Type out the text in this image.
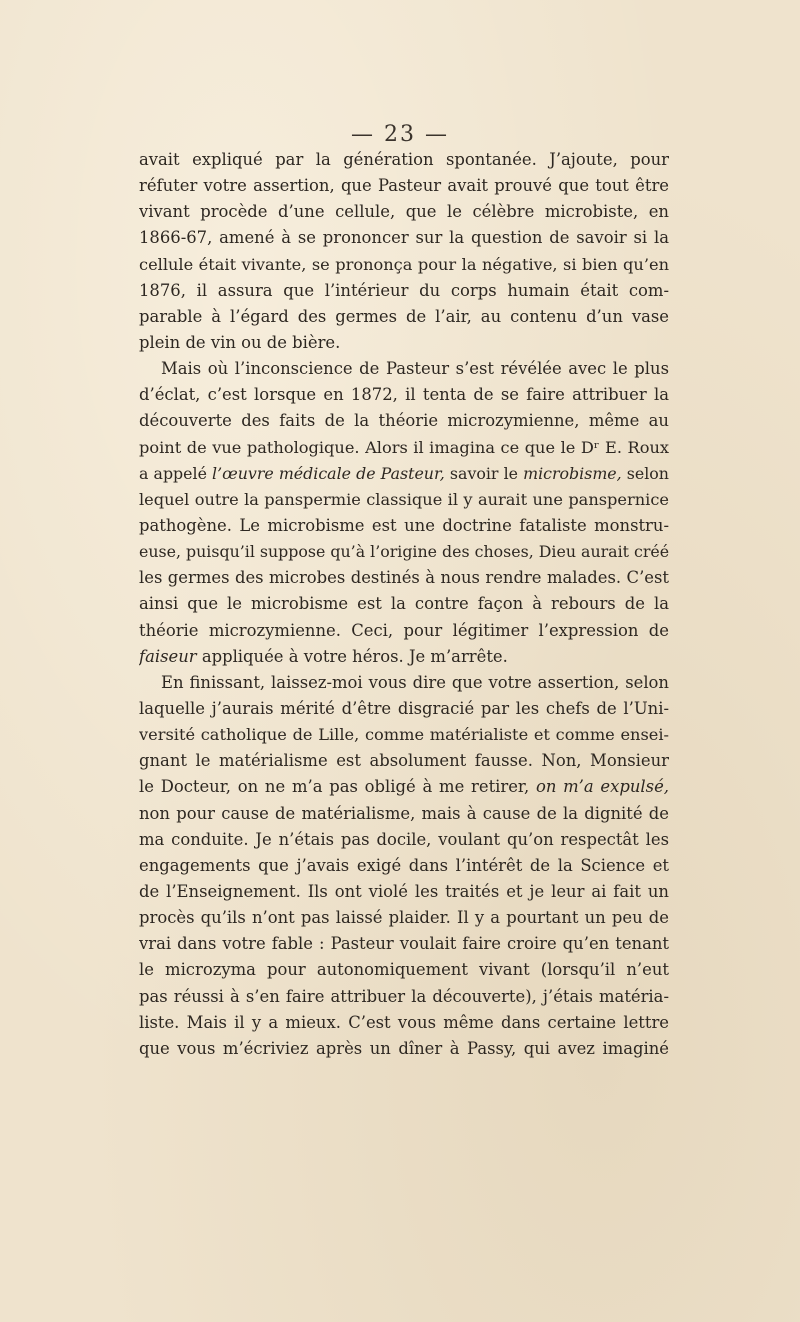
— 23 —
avait expliqué par la génération spontanée. J’ajoute, pour
réfuter votre assertion, que Pasteur avait prouvé que tout être
vivant procède d’une cellule, que le célèbre microbiste, en
1866-67, amené à se prononcer sur la question de savoir si la
cellule était vivante, se prononça pour la négative, si bien qu’en
1876, il assura que l’intérieur du corps humain était com-
parable à l’égard des germes de l’air, au contenu d’un vase
plein de vin ou de bière.
Mais où l’inconscience de Pasteur s’est révélée avec le plus
d’éclat, c’est lorsque en 1872, il tenta de se faire attribuer la
découverte des faits de la théorie microzymienne, même au
point de vue pathologique. Alors il imagina ce que le Dʳ E. Roux
a appelé l’œuvre médicale de Pasteur, savoir le microbisme, selon
lequel outre la panspermie classique il y aurait une panspernice
pathogène. Le microbisme est une doctrine fataliste monstru-
euse, puisqu’il suppose qu’à l’origine des choses, Dieu aurait créé
les germes des microbes destinés à nous rendre malades. C’est
ainsi que le microbisme est la contre façon à rebours de la
théorie microzymienne. Ceci, pour légitimer l’expression de
faiseur appliquée à votre héros. Je m’arrête.
En finissant, laissez-moi vous dire que votre assertion, selon
laquelle j’aurais mérité d’être disgracié par les chefs de l’Uni-
versité catholique de Lille, comme matérialiste et comme ensei-
gnant le matérialisme est absolument fausse. Non, Monsieur
le Docteur, on ne m’a pas obligé à me retirer, on m’a expulsé,
non pour cause de matérialisme, mais à cause de la dignité de
ma conduite. Je n’étais pas docile, voulant qu’on respectât les
engagements que j’avais exigé dans l’intérêt de la Science et
de l’Enseignement. Ils ont violé les traités et je leur ai fait un
procès qu’ils n’ont pas laissé plaider. Il y a pourtant un peu de
vrai dans votre fable : Pasteur voulait faire croire qu’en tenant
le microzyma pour autonomiquement vivant (lorsqu’il n’eut
pas réussi à s’en faire attribuer la découverte), j’étais matéria-
liste. Mais il y a mieux. C’est vous même dans certaine lettre
que vous m’écriviez après un dîner à Passy, qui avez imaginé
